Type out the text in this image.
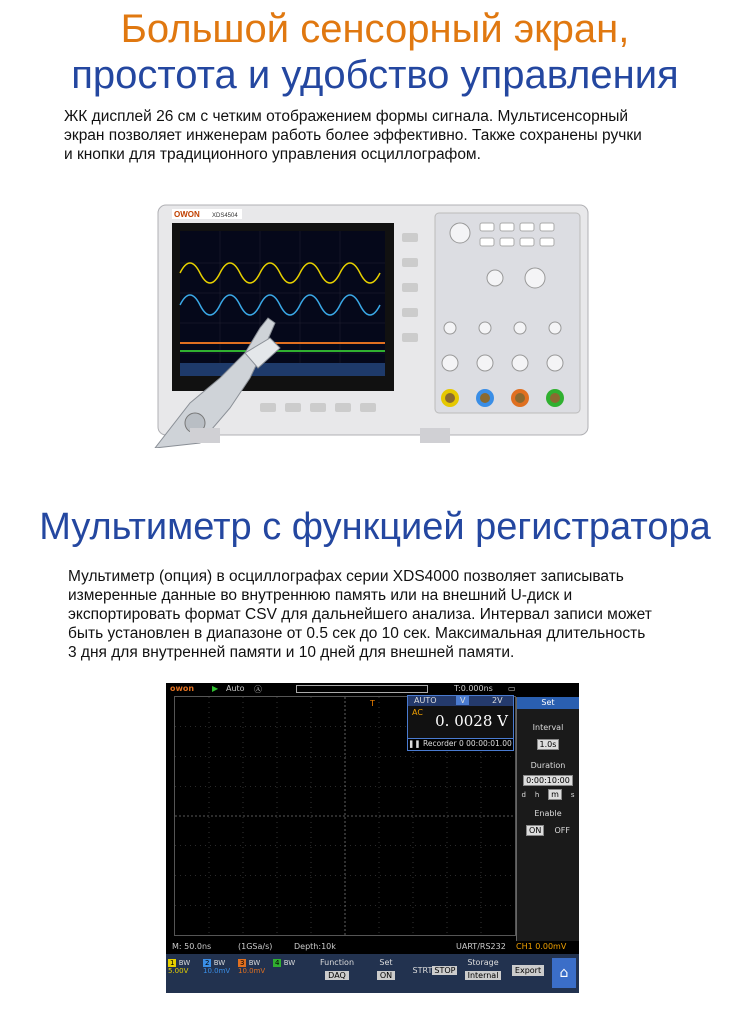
Большой сенсорный экран,
простота и удобство управления

ЖК дисплей 26 см с четким отображением формы сигнала. Мультисенсорный

экран позволяет инженерам работь более эффективно. Также сохранены ручки

и кнопки для традиционного управления осциллографом.

OWON XDS4504
Мультиметр с функцией регистратора

Мультиметр (опция) в осциллографах серии XDS4000 позволяет записывать

измеренные данные во внутреннюю память или на внешний U-диск и

экспортировать формат CSV для дальнейшего анализа. Интервал записи может

быть установлен в диапазоне от 0.5 сек до 10 сек. Максимальная длительность

3 дня для внутренней памяти и 10 дней для внешней памяти.

owon ▶ Auto Ⓐ	T:0.000ns ▭
T	AUTO	V	2V
AC 0. 0028 V
❚❚ Recorder 0 00:00:01.00
Set
Interval
1.0s
Duration
0:00:10:00
d h m s
Enable
ON OFF
M: 50.0ns	(1GSa/s)	Depth:10k	UART/RS232 CH1 0.00mV
1 BW
5.00V
2 BW
10.0mV
3 BW
10.0mV
4 BW	Function
DAQ
Set
ON
STRT STOP
Storage
Internal
Export	⌂
